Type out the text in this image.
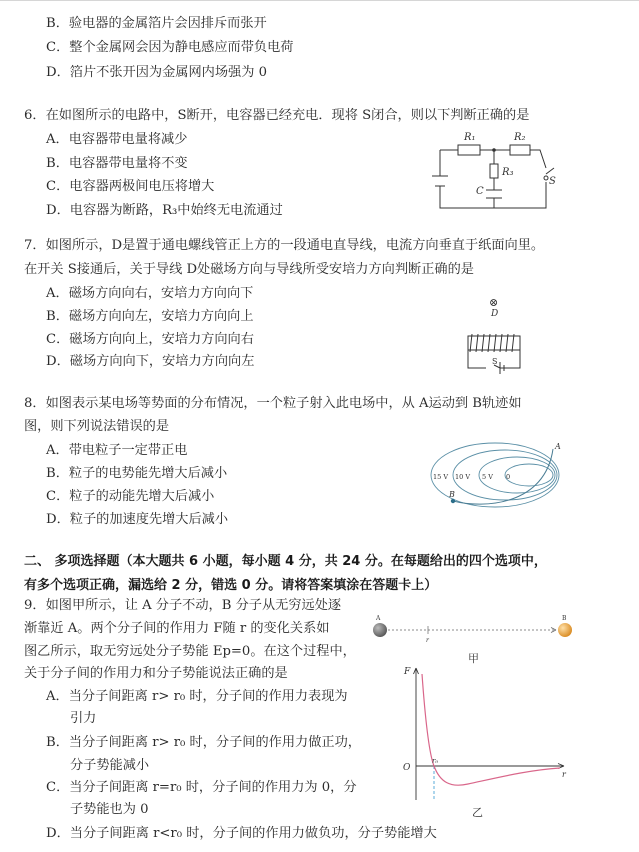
B．验电器的金属箔片会因排斥而张开
C．整个金属网会因为静电感应而带负电荷
D．箔片不张开因为金属网内场强为 0
6．在如图所示的电路中，S断开，电容器已经充电．现将 S闭合，则以下判断正确的是
A．电容器带电量将减少
B．电容器带电量将不变
C．电容器两极间电压将增大
D．电容器为断路，R₃中始终无电流通过
R₁	R₂
R₃
C
S
7．如图所示，D是置于通电螺线管正上方的一段通电直导线，电流方向垂直于纸面向里。
在开关 S接通后，关于导线 D处磁场方向与导线所受安培力方向判断正确的是
A．磁场方向向右，安培力方向向下
B．磁场方向向左，安培力方向向上
C．磁场方向向上，安培力方向向右
D．磁场方向向下，安培力方向向左
⊗
D
S
8．如图表示某电场等势面的分布情况，一个粒子射入此电场中，从 A运动到 B轨迹如
图，则下列说法错误的是
A．带电粒子一定带正电
B．粒子的电势能先增大后减小
C．粒子的动能先增大后减小
D．粒子的加速度先增大后减小
A
B
15 V 10 V 5 V 0
二、 多项选择题（本大题共 6 小题，每小题 4 分，共 24 分。在每题给出的四个选项中，
有多个选项正确，漏选给 2 分，错选 0 分。请将答案填涂在答题卡上）
9．如图甲所示，让 A 分子不动，B 分子从无穷远处逐
渐靠近 A。两个分子间的作用力 F随 r 的变化关系如
图乙所示，取无穷远处分子势能 Ep=0。在这个过程中，
关于分子间的作用力和分子势能说法正确的是
A．当分子间距离 r> r₀ 时，分子间的作用力表现为
引力
B．当分子间距离 r> r₀ 时，分子间的作用力做正功，
分子势能减小
C．当分子间距离 r=r₀ 时，分子间的作用力为 0，分
子势能也为 0
D．当分子间距离 r<r₀ 时，分子间的作用力做负功，分子势能增大
A	B
r
甲
F
O
r₀
r
乙
